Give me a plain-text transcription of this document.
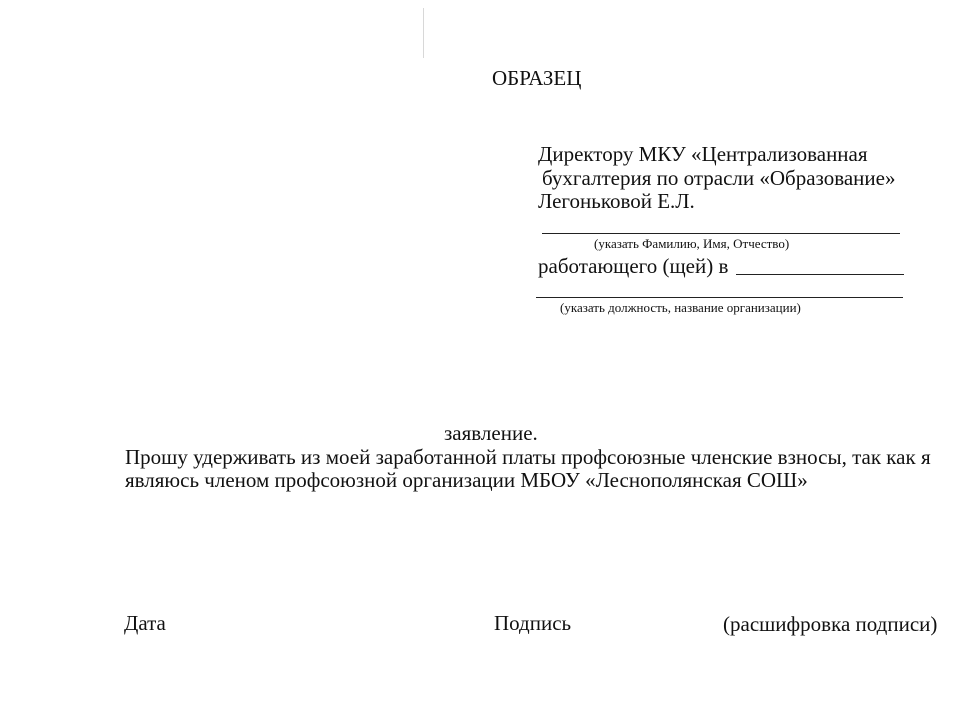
ОБРАЗЕЦ
Директору МКУ «Централизованная
бухгалтерия по отрасли «Образование»
Легоньковой Е.Л.
(указать Фамилию, Имя, Отчество)
работающего (щей) в
(указать должность, название организации)
заявление.
Прошу удерживать из моей заработанной платы профсоюзные членские взносы, так как я
являюсь членом профсоюзной организации МБОУ «Леснополянская СОШ»
Дата	Подпись	(расшифровка подписи)
